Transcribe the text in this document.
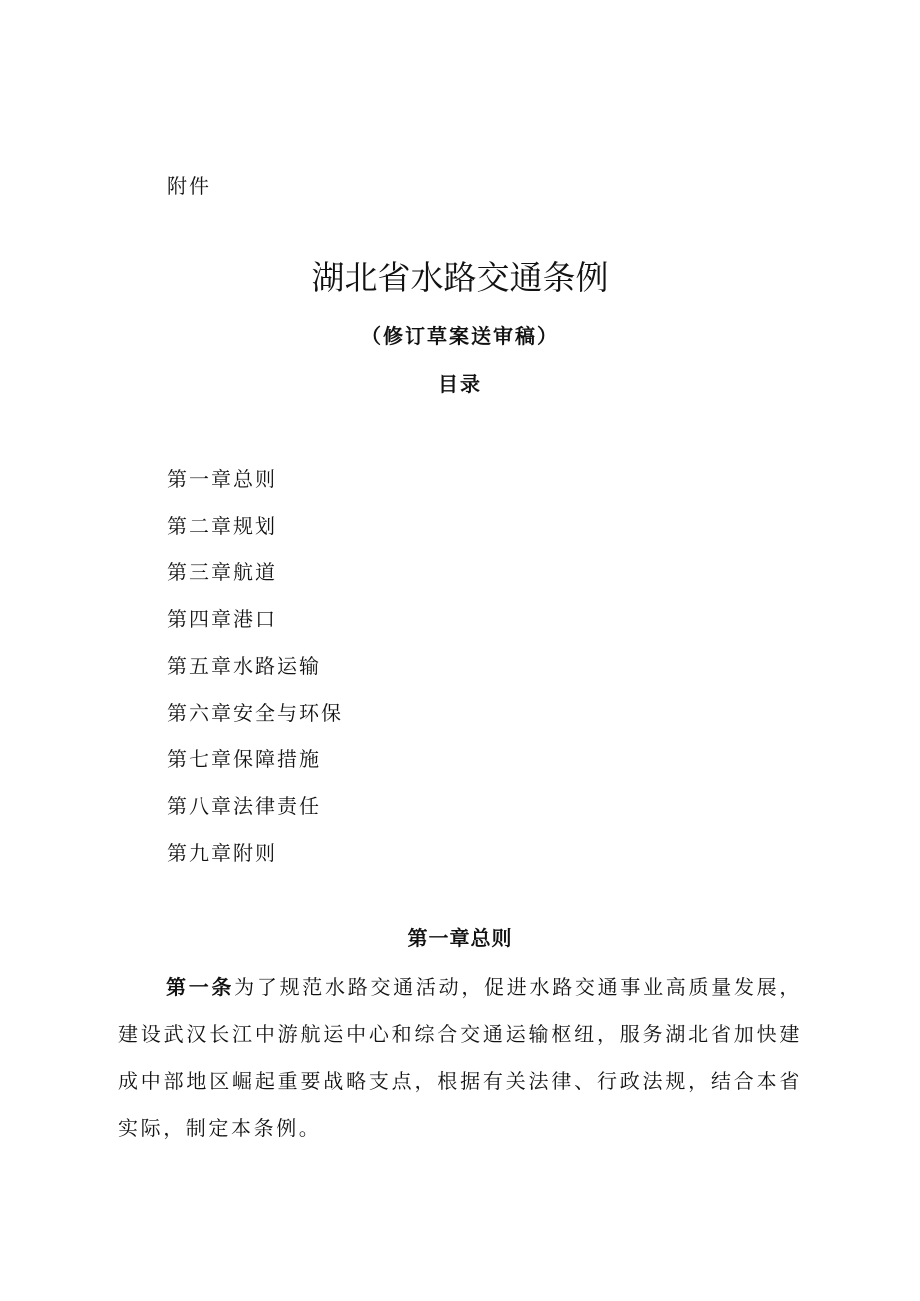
附件
湖北省水路交通条例
（修订草案送审稿）
目录
第一章总则
第二章规划
第三章航道
第四章港口
第五章水路运输
第六章安全与环保
第七章保障措施
第八章法律责任
第九章附则
第一章总则

第一条为了规范水路交通活动，促进水路交通事业高质量发展，建设武汉长江中游航运中心和综合交通运输枢纽，服务湖北省加快建成中部地区崛起重要战略支点，根据有关法律、行政法规，结合本省实际，制定本条例。
